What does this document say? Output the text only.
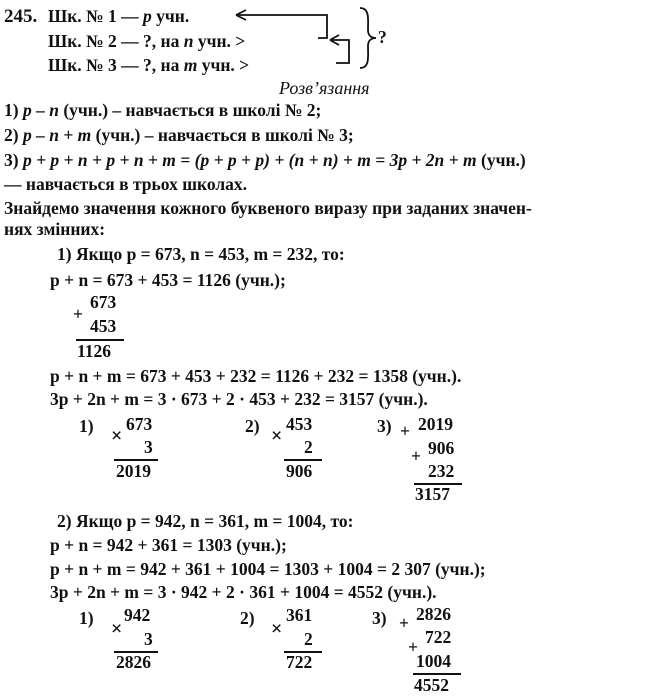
245. Шк. № 1 — p учн.
Шк. № 2 — ?, на n учн. >
Шк. № 3 — ?, на m учн. >
?
Розв’язання
1) p – n (учн.) – навчається в школі № 2;
2) p – n + m (учн.) – навчається в школі № 3;
3) p + p + n + p + n + m = (p + p + p) + (n + n) + m = 3p + 2n + m (учн.)
— навчається в трьох школах.
Знайдемо значення кожного буквеного виразу при заданих значен-
нях змінних:
1) Якщо p = 673, n = 453, m = 232, то:
p + n = 673 + 453 = 1126 (учн.);
+
673
453
1126
p + n + m = 673 + 453 + 232 = 1126 + 232 = 1358 (учн.).
3p + 2n + m = 3 · 673 + 2 · 453 + 232 = 3157 (учн.).
1) ×
673
3
2019
2) ×
453
2
906
3) + 2019
+ 906
232
3157
2) Якщо p = 942, n = 361, m = 1004, то:
p + n = 942 + 361 = 1303 (учн.);
p + n + m = 942 + 361 + 1004 = 1303 + 1004 = 2 307 (учн.);
3p + 2n + m = 3 · 942 + 2 · 361 + 1004 = 4552 (учн.).
1) ×
942
3
2826
2) ×
361
2
722
3) + 2826
+ 722
1004
4552
